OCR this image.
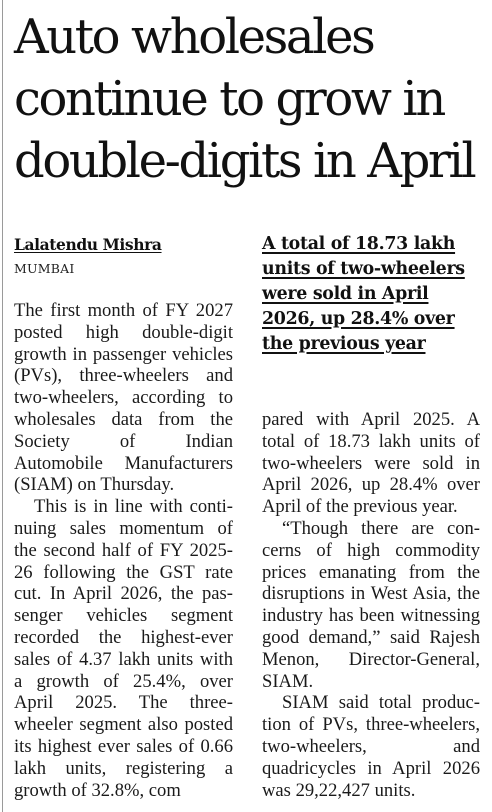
Auto wholesales
continue to grow in
double-digits in April
Lalatendu Mishra
MUMBAI
A total of 18.73 lakh
units of two-wheelers
were sold in April
2026, up 28.4% over
the previous year

The first month of FY 2027 posted high double-digit growth in passenger vehicles (PVs), three-wheelers and two-wheelers, according to wholesales data from the Society of Indian Automobile Manufacturers (SIAM) on Thursday.

This is in line with continuing sales momentum of the second half of FY 2025-26 following the GST rate cut. In April 2026, the passenger vehicles segment recorded the highest-ever sales of 4.37 lakh units with a growth of 25.4%, over April 2025. The three-wheeler segment also posted its highest ever sales of 0.66 lakh units, registering a growth of 32.8%, com

pared with April 2025. A total of 18.73 lakh units of two-wheelers were sold in April 2026, up 28.4% over April of the previous year.

“Though there are concerns of high commodity prices emanating from the disruptions in West Asia, the industry has been witnessing good demand,” said Rajesh Menon, Director-General, SIAM.

SIAM said total production of PVs, three-wheelers, two-wheelers, and quadricycles in April 2026 was 29,22,427 units.
